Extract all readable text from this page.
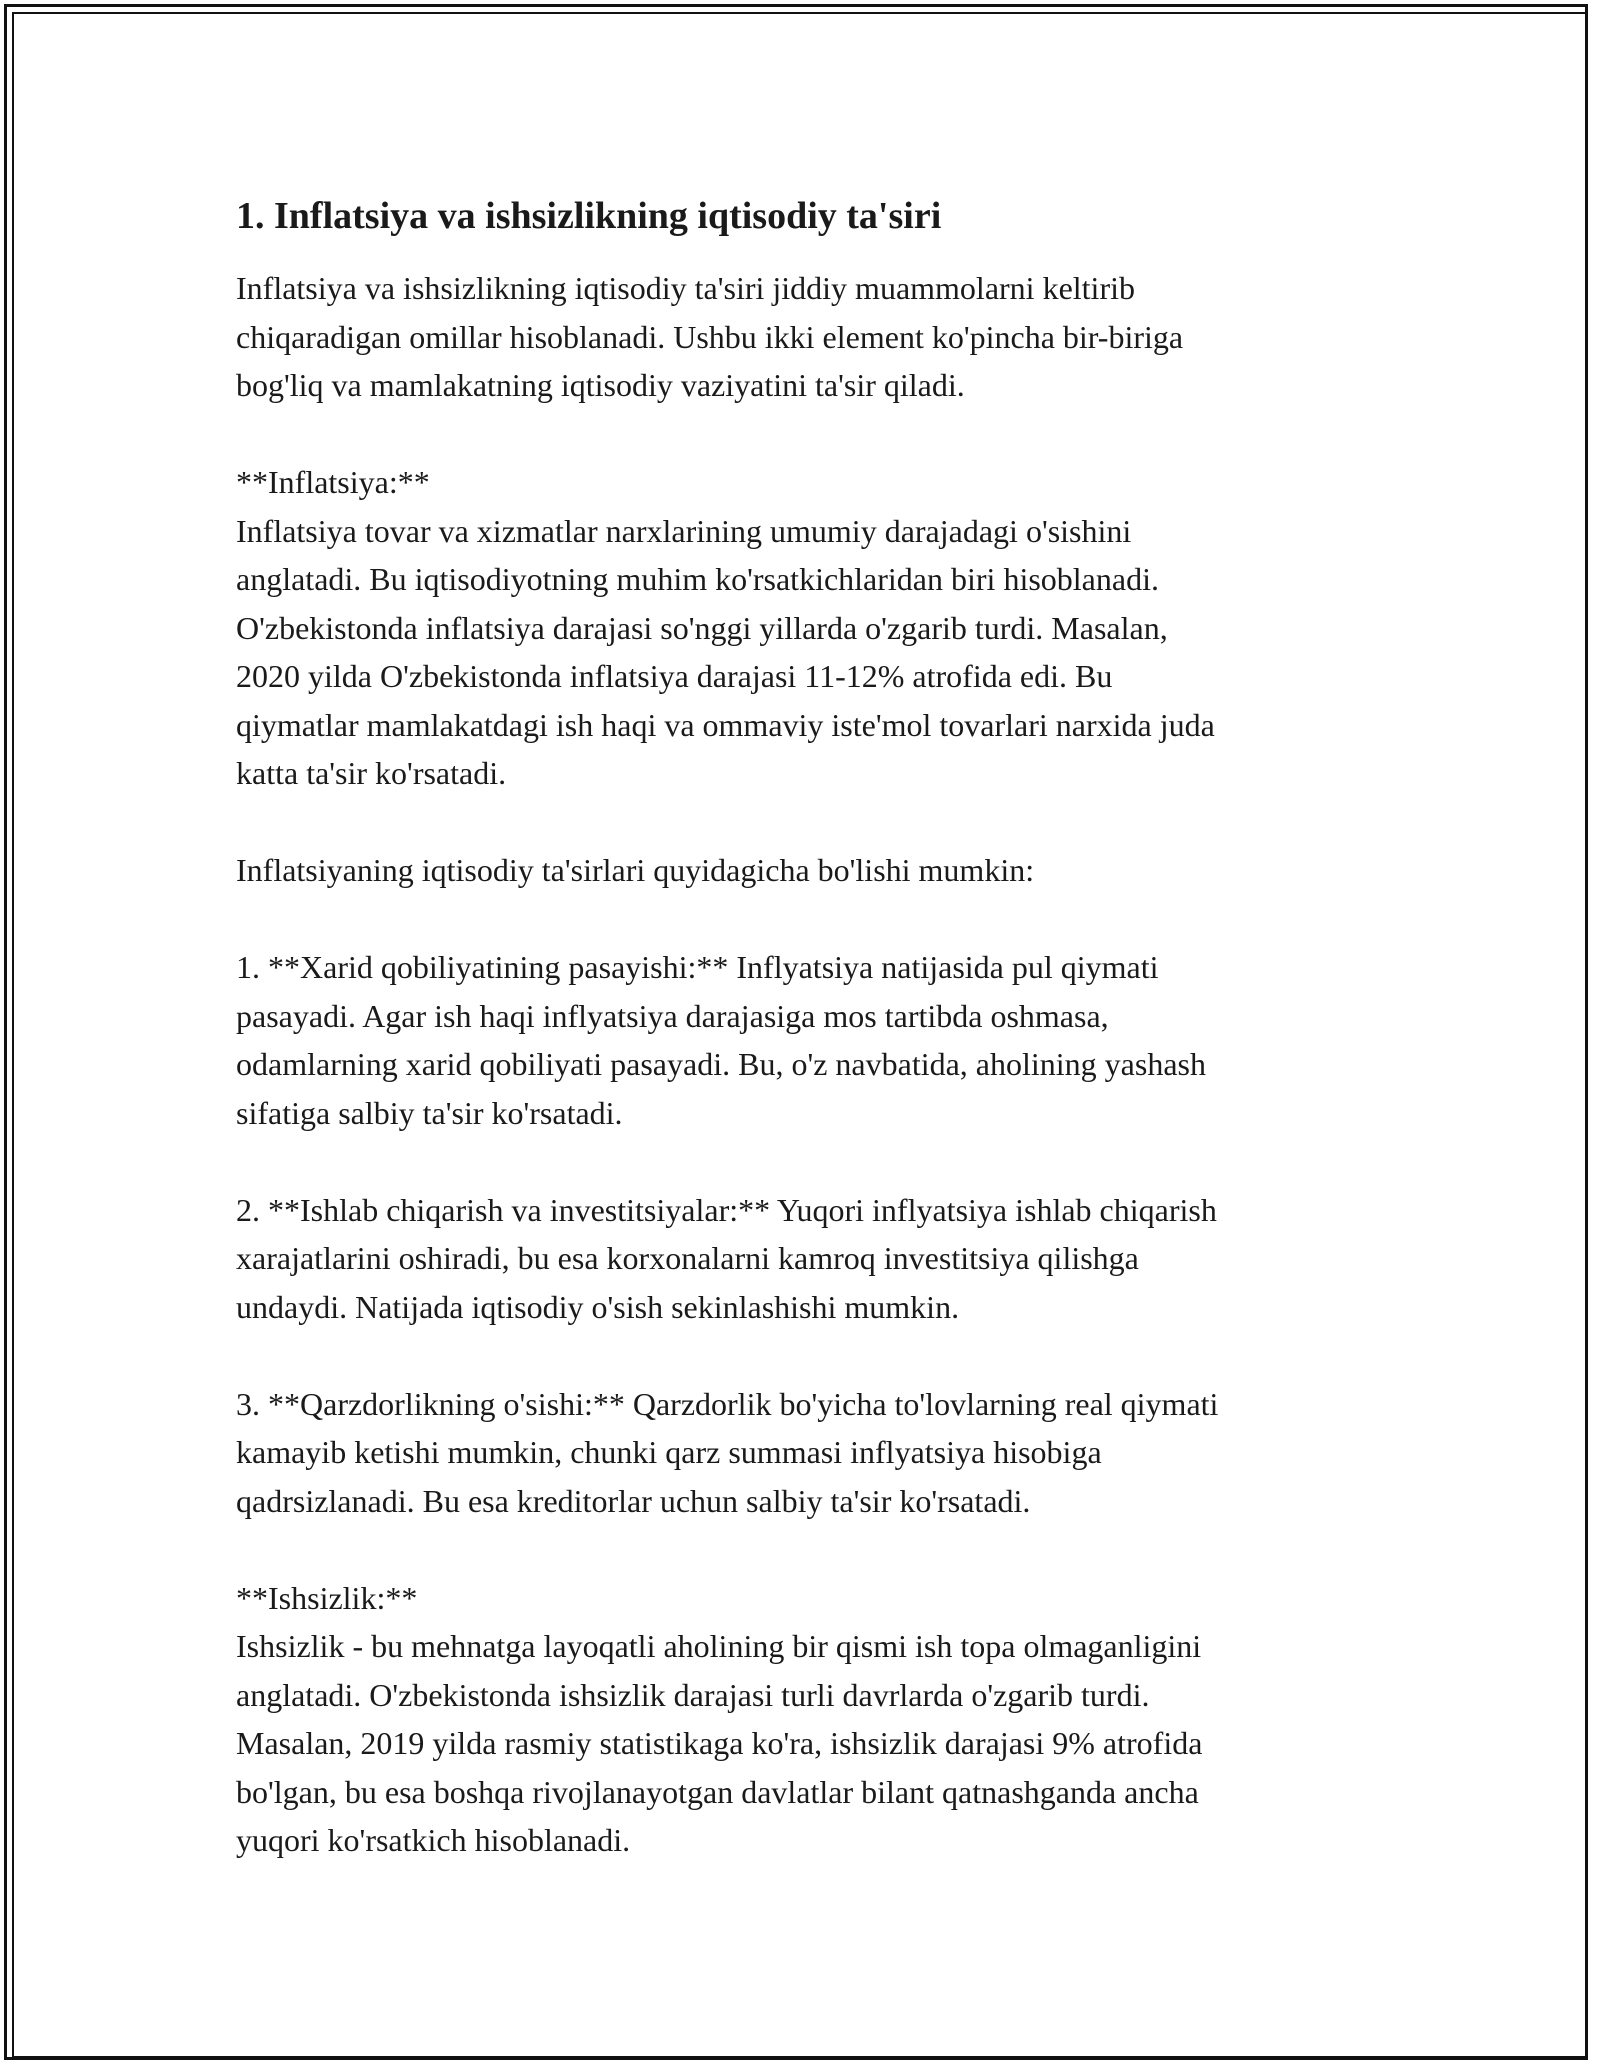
1. Inflatsiya va ishsizlikning iqtisodiy ta'siri

Inflatsiya va ishsizlikning iqtisodiy ta'siri jiddiy muammolarni keltirib
chiqaradigan omillar hisoblanadi. Ushbu ikki element ko'pincha bir-biriga
bog'liq va mamlakatning iqtisodiy vaziyatini ta'sir qiladi.

**Inflatsiya:**
Inflatsiya tovar va xizmatlar narxlarining umumiy darajadagi o'sishini
anglatadi. Bu iqtisodiyotning muhim ko'rsatkichlaridan biri hisoblanadi.
O'zbekistonda inflatsiya darajasi so'nggi yillarda o'zgarib turdi. Masalan,
2020 yilda O'zbekistonda inflatsiya darajasi 11-12% atrofida edi. Bu
qiymatlar mamlakatdagi ish haqi va ommaviy iste'mol tovarlari narxida juda
katta ta'sir ko'rsatadi.

Inflatsiyaning iqtisodiy ta'sirlari quyidagicha bo'lishi mumkin:

1. **Xarid qobiliyatining pasayishi:** Inflyatsiya natijasida pul qiymati
pasayadi. Agar ish haqi inflyatsiya darajasiga mos tartibda oshmasa,
odamlarning xarid qobiliyati pasayadi. Bu, o'z navbatida, aholining yashash
sifatiga salbiy ta'sir ko'rsatadi.

2. **Ishlab chiqarish va investitsiyalar:** Yuqori inflyatsiya ishlab chiqarish
xarajatlarini oshiradi, bu esa korxonalarni kamroq investitsiya qilishga
undaydi. Natijada iqtisodiy o'sish sekinlashishi mumkin.

3. **Qarzdorlikning o'sishi:** Qarzdorlik bo'yicha to'lovlarning real qiymati
kamayib ketishi mumkin, chunki qarz summasi inflyatsiya hisobiga
qadrsizlanadi. Bu esa kreditorlar uchun salbiy ta'sir ko'rsatadi.

**Ishsizlik:**
Ishsizlik - bu mehnatga layoqatli aholining bir qismi ish topa olmaganligini
anglatadi. O'zbekistonda ishsizlik darajasi turli davrlarda o'zgarib turdi.
Masalan, 2019 yilda rasmiy statistikaga ko'ra, ishsizlik darajasi 9% atrofida
bo'lgan, bu esa boshqa rivojlanayotgan davlatlar bilant qatnashganda ancha
yuqori ko'rsatkich hisoblanadi.
